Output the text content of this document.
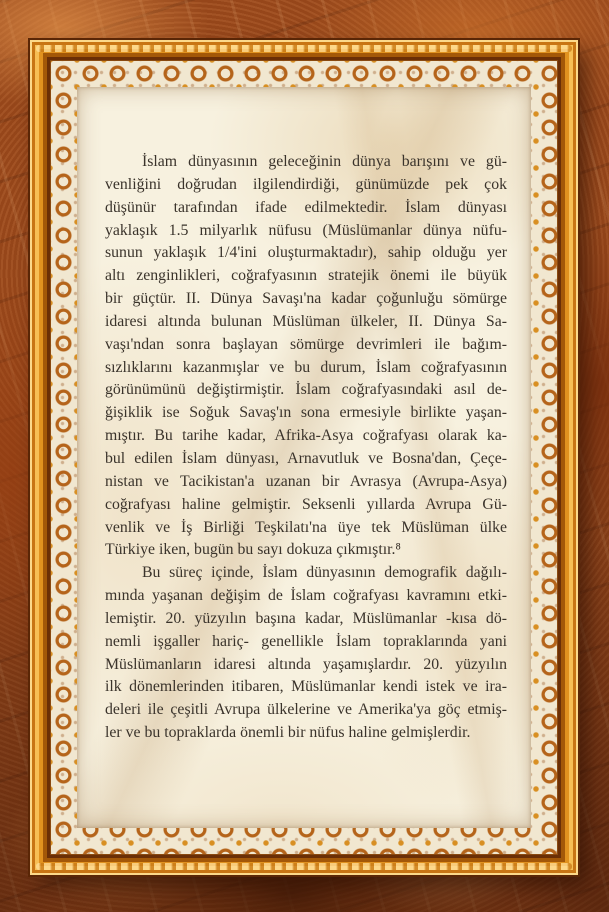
İslam dünyasının geleceğinin dünya barışını ve gü-
venliğini doğrudan ilgilendirdiği, günümüzde pek çok
düşünür tarafından ifade edilmektedir. İslam dünyası
yaklaşık 1.5 milyarlık nüfusu (Müslümanlar dünya nüfu-
sunun yaklaşık 1/4'ini oluşturmaktadır), sahip olduğu yer
altı zenginlikleri, coğrafyasının stratejik önemi ile büyük
bir güçtür. II. Dünya Savaşı'na kadar çoğunluğu sömürge
idaresi altında bulunan Müslüman ülkeler, II. Dünya Sa-
vaşı'ndan sonra başlayan sömürge devrimleri ile bağım-
sızlıklarını kazanmışlar ve bu durum, İslam coğrafyasının
görünümünü değiştirmiştir. İslam coğrafyasındaki asıl de-
ğişiklik ise Soğuk Savaş'ın sona ermesiyle birlikte yaşan-
mıştır. Bu tarihe kadar, Afrika-Asya coğrafyası olarak ka-
bul edilen İslam dünyası, Arnavutluk ve Bosna'dan, Çeçe-
nistan ve Tacikistan'a uzanan bir Avrasya (Avrupa-Asya)
coğrafyası haline gelmiştir. Seksenli yıllarda Avrupa Gü-
venlik ve İş Birliği Teşkilatı'na üye tek Müslüman ülke
Türkiye iken, bugün bu sayı dokuza çıkmıştır.⁸
Bu süreç içinde, İslam dünyasının demografik dağılı-
mında yaşanan değişim de İslam coğrafyası kavramını etki-
lemiştir. 20. yüzyılın başına kadar, Müslümanlar -kısa dö-
nemli işgaller hariç- genellikle İslam topraklarında yani
Müslümanların idaresi altında yaşamışlardır. 20. yüzyılın
ilk dönemlerinden itibaren, Müslümanlar kendi istek ve ira-
deleri ile çeşitli Avrupa ülkelerine ve Amerika'ya göç etmiş-
ler ve bu topraklarda önemli bir nüfus haline gelmişlerdir.
